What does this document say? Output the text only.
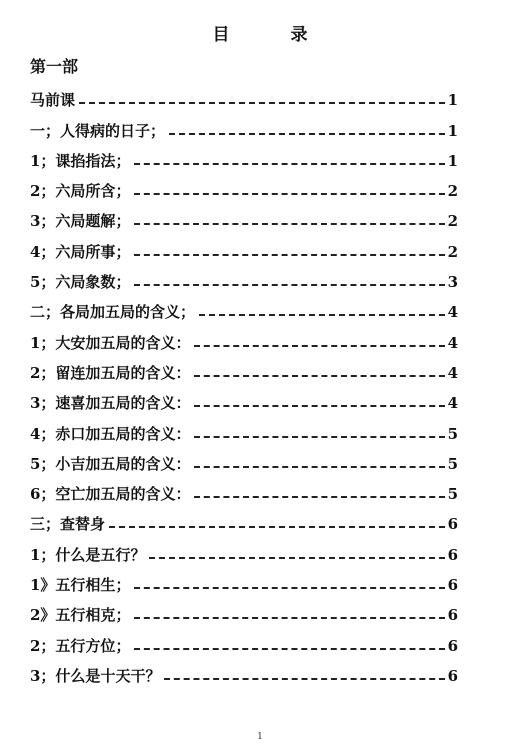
目　录
第一部
马前课	1
一；人得病的日子；	1
1；课掐指法；	1
2；六局所含；	2
3；六局题解；	2
4；六局所事；	2
5；六局象数；	3
二；各局加五局的含义；	4
1；大安加五局的含义：	4
2；留连加五局的含义：	4
3；速喜加五局的含义：	4
4；赤口加五局的含义：	5
5；小吉加五局的含义：	5
6；空亡加五局的含义：	5
三；查替身	6
1；什么是五行？	6
1》五行相生；	6
2》五行相克；	6
2；五行方位；	6
3；什么是十天干？	6
1
